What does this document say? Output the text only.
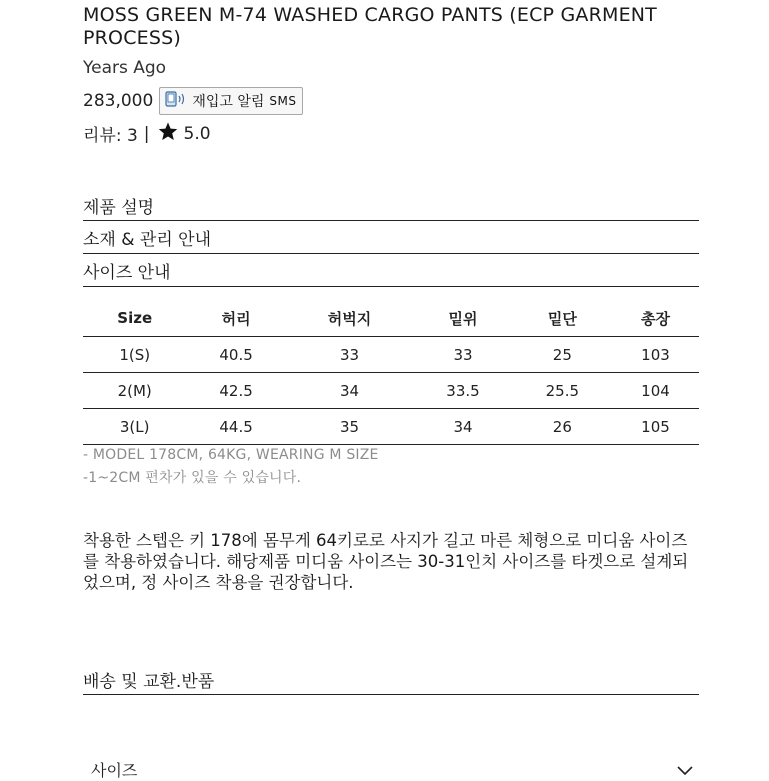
MOSS GREEN M-74 WASHED CARGO PANTS (ECP GARMENT PROCESS)
Years Ago
283,000	재입고 알림 SMS
리뷰: 3 | 5.0
제품 설명
소재 & 관리 안내
사이즈 안내
Size	허리	허벅지	밑위	밑단	총장
1(S)	40.5	33	33	25	103
2(M)	42.5	34	33.5	25.5	104
3(L)	44.5	35	34	26	105
- MODEL 178CM, 64KG, WEARING M SIZE
-1~2CM 편차가 있을 수 있습니다.

착용한 스텝은 키 178에 몸무게 64키로로 사지가 길고 마른 체형으로 미디움 사이즈를 착용하였습니다. 해당제품 미디움 사이즈는 30-31인치 사이즈를 타겟으로 설계되었으며, 정 사이즈 착용을 권장합니다.

배송 및 교환.반품
사이즈
